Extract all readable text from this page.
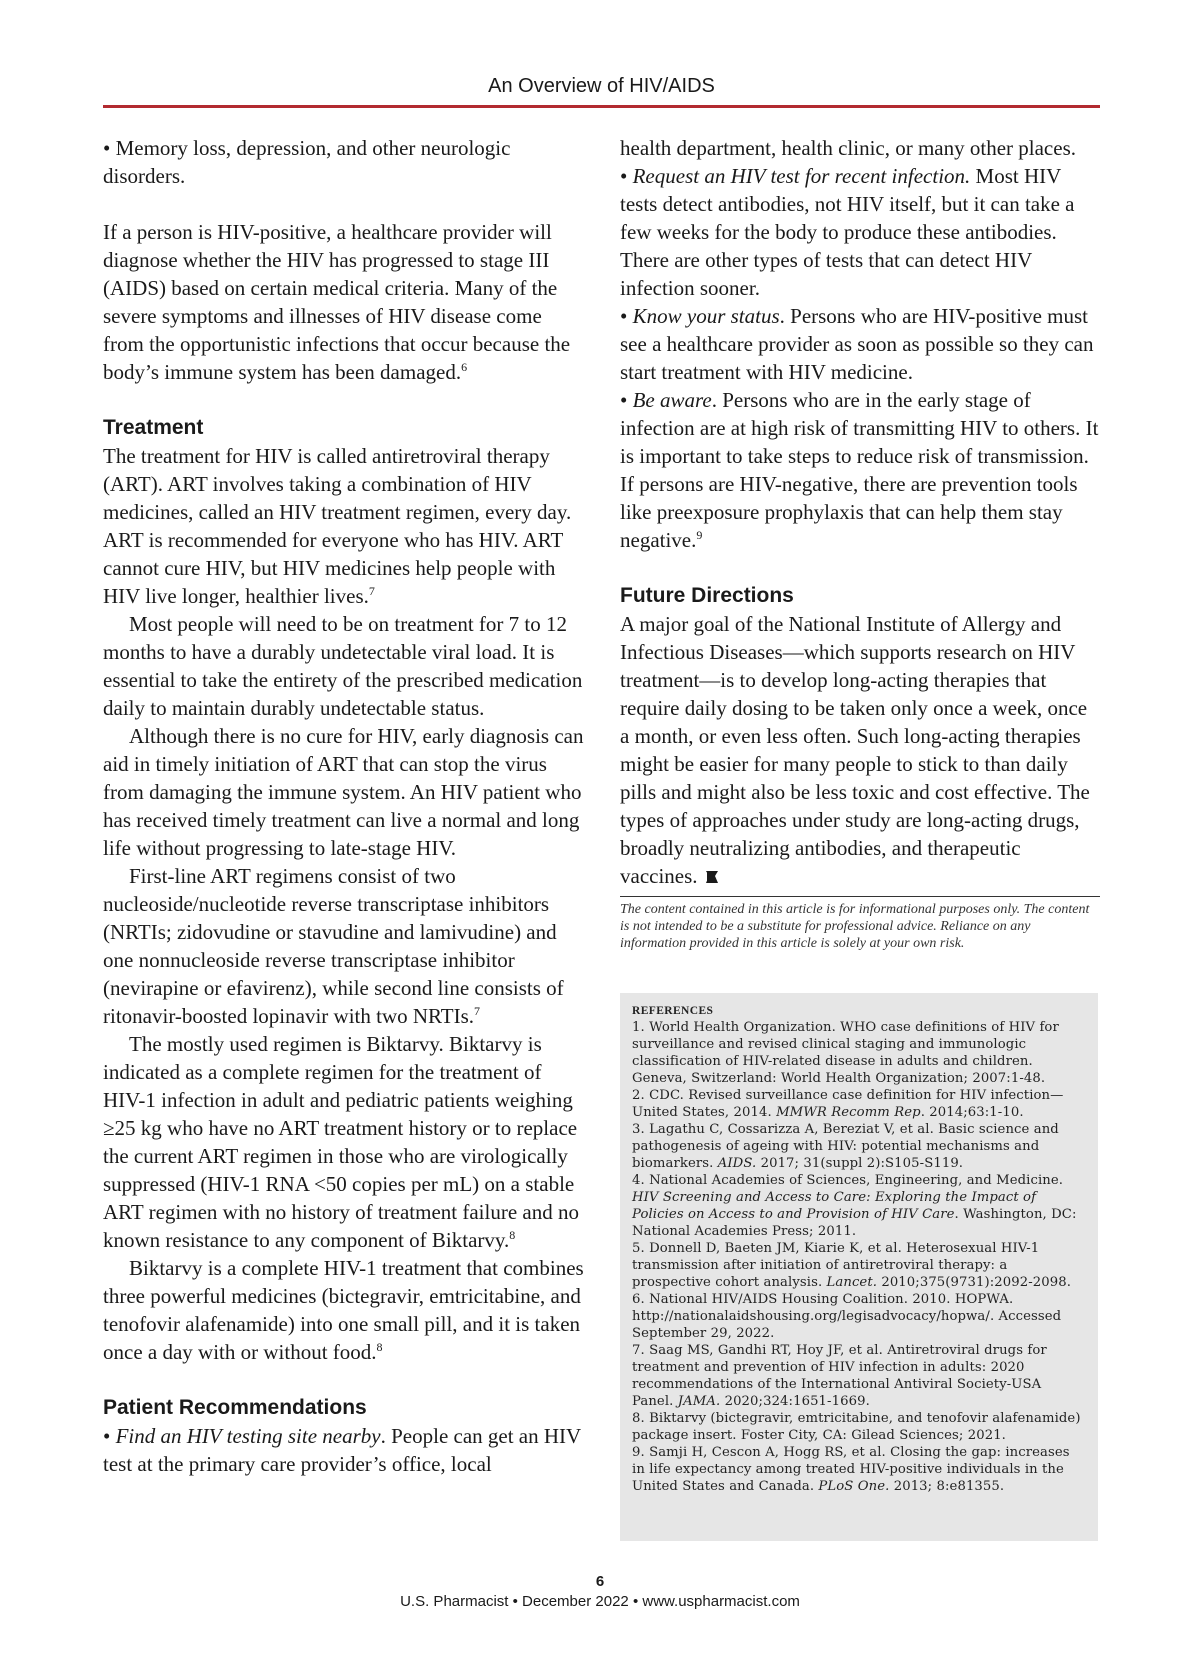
An Overview of HIV/AIDS

• Memory loss, depression, and other neurologic disorders.

If a person is HIV-positive, a healthcare provider will diagnose whether the HIV has progressed to stage III (AIDS) based on certain medical criteria. Many of the severe symptoms and illnesses of HIV disease come from the opportunistic infections that occur because the body’s immune system has been damaged.$^6$

Treatment

The treatment for HIV is called antiretroviral therapy (ART). ART involves taking a combination of HIV medicines, called an HIV treatment regimen, every day. ART is recommended for everyone who has HIV. ART cannot cure HIV, but HIV medicines help people with HIV live longer, healthier lives.$^7$

Most people will need to be on treatment for 7 to 12 months to have a durably undetectable viral load. It is essential to take the entirety of the prescribed medication daily to maintain durably undetectable status.

Although there is no cure for HIV, early diagnosis can aid in timely initiation of ART that can stop the virus from damaging the immune system. An HIV patient who has received timely treatment can live a normal and long life without progressing to late-stage HIV.

First-line ART regimens consist of two nucleoside/nucleotide reverse transcriptase inhibitors (NRTIs; zidovudine or stavudine and lamivudine) and one nonnucleoside reverse transcriptase inhibitor (nevirapine or efavirenz), while second line consists of ritonavir-boosted lopinavir with two NRTIs.$^7$

The mostly used regimen is Biktarvy. Biktarvy is indicated as a complete regimen for the treatment of HIV-1 infection in adult and pediatric patients weighing ≥25 kg who have no ART treatment history or to replace the current ART regimen in those who are virologically suppressed (HIV-1 RNA <50 copies per mL) on a stable ART regimen with no history of treatment failure and no known resistance to any component of Biktarvy.$^8$

Biktarvy is a complete HIV-1 treatment that combines three powerful medicines (bictegravir, emtricitabine, and tenofovir alafenamide) into one small pill, and it is taken once a day with or without food.$^8$

Patient Recommendations

• Find an HIV testing site nearby. People can get an HIV test at the primary care provider’s office, local

health department, health clinic, or many other places.

• Request an HIV test for recent infection. Most HIV tests detect antibodies, not HIV itself, but it can take a few weeks for the body to produce these antibodies. There are other types of tests that can detect HIV infection sooner.

• Know your status. Persons who are HIV-positive must see a healthcare provider as soon as possible so they can start treatment with HIV medicine.

• Be aware. Persons who are in the early stage of infection are at high risk of transmitting HIV to others. It is important to take steps to reduce risk of transmission. If persons are HIV-negative, there are prevention tools like preexposure prophylaxis that can help them stay negative.$^9$

Future Directions

A major goal of the National Institute of Allergy and Infectious Diseases—which supports research on HIV treatment—is to develop long-acting therapies that require daily dosing to be taken only once a week, once a month, or even less often. Such long-acting therapies might be easier for many people to stick to than daily pills and might also be less toxic and cost effective. The types of approaches under study are long-acting drugs, broadly neutralizing antibodies, and therapeutic vaccines.

The content contained in this article is for informational purposes only. The content is not intended to be a substitute for professional advice. Reliance on any information provided in this article is solely at your own risk.
REFERENCES

1. World Health Organization. WHO case definitions of HIV for surveillance and revised clinical staging and immunologic classification of HIV-related disease in adults and children. Geneva, Switzerland: World Health Organization; 2007:1-48.

2. CDC. Revised surveillance case definition for HIV infection—United States, 2014. MMWR Recomm Rep. 2014;63:1-10.

3. Lagathu C, Cossarizza A, Bereziat V, et al. Basic science and pathogenesis of ageing with HIV: potential mechanisms and biomarkers. AIDS. 2017; 31(suppl 2):S105-S119.

4. National Academies of Sciences, Engineering, and Medicine. HIV Screening and Access to Care: Exploring the Impact of Policies on Access to and Provision of HIV Care. Washington, DC: National Academies Press; 2011.

5. Donnell D, Baeten JM, Kiarie K, et al. Heterosexual HIV-1 transmission after initiation of antiretroviral therapy: a prospective cohort analysis. Lancet. 2010;375(9731):2092-2098.

6. National HIV/AIDS Housing Coalition. 2010. HOPWA. http://nationalaidshousing.org/legisadvocacy/hopwa/. Accessed September 29, 2022.

7. Saag MS, Gandhi RT, Hoy JF, et al. Antiretroviral drugs for treatment and prevention of HIV infection in adults: 2020 recommendations of the International Antiviral Society-USA Panel. JAMA. 2020;324:1651-1669.

8. Biktarvy (bictegravir, emtricitabine, and tenofovir alafenamide) package insert. Foster City, CA: Gilead Sciences; 2021.

9. Samji H, Cescon A, Hogg RS, et al. Closing the gap: increases in life expectancy among treated HIV-positive individuals in the United States and Canada. PLoS One. 2013; 8:e81355.

6
U.S. Pharmacist • December 2022 • www.uspharmacist.com
